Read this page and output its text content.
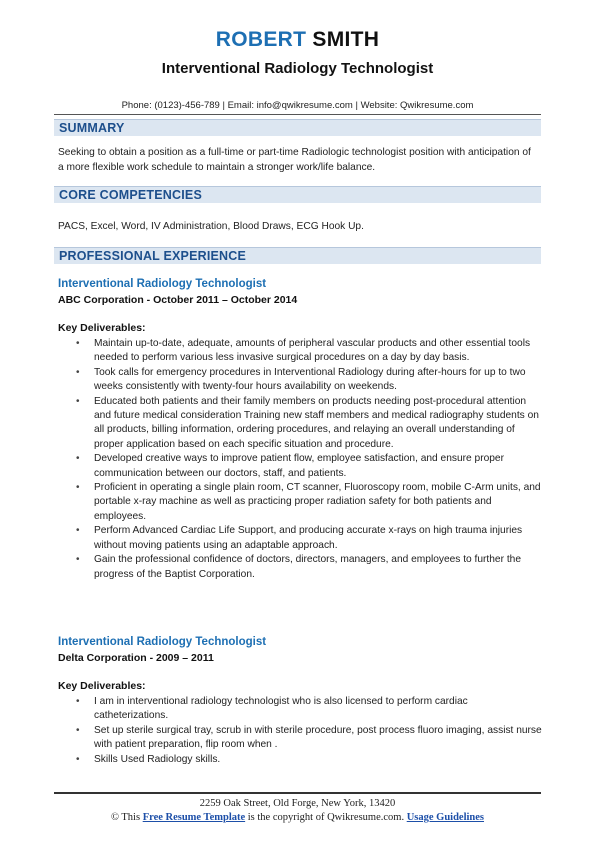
ROBERT SMITH
Interventional Radiology Technologist
Phone: (0123)-456-789 | Email: info@qwikresume.com | Website: Qwikresume.com
SUMMARY
Seeking to obtain a position as a full-time or part-time Radiologic technologist position with anticipation of a more flexible work schedule to maintain a stronger work/life balance.
CORE COMPETENCIES
PACS, Excel, Word, IV Administration, Blood Draws, ECG Hook Up.
PROFESSIONAL EXPERIENCE
Interventional Radiology Technologist
ABC Corporation - October 2011 – October 2014
Key Deliverables:
• Maintain up-to-date, adequate, amounts of peripheral vascular products and other essential tools needed to perform various less invasive surgical procedures on a day by day basis.
• Took calls for emergency procedures in Interventional Radiology during after-hours for up to two weeks consistently with twenty-four hours availability on weekends.
• Educated both patients and their family members on products needing post-procedural attention and future medical consideration Training new staff members and medical radiography students on all products, billing information, ordering procedures, and relaying an overall understanding of proper application based on each specific situation and procedure.
• Developed creative ways to improve patient flow, employee satisfaction, and ensure proper communication between our doctors, staff, and patients.
• Proficient in operating a single plain room, CT scanner, Fluoroscopy room, mobile C-Arm units, and portable x-ray machine as well as practicing proper radiation safety for both patients and employees.
• Perform Advanced Cardiac Life Support, and producing accurate x-rays on high trauma injuries without moving patients using an adaptable approach.
• Gain the professional confidence of doctors, directors, managers, and employees to further the progress of the Baptist Corporation.
Interventional Radiology Technologist
Delta Corporation - 2009 – 2011
Key Deliverables:
• I am in interventional radiology technologist who is also licensed to perform cardiac catheterizations.
• Set up sterile surgical tray, scrub in with sterile procedure, post process fluoro imaging, assist nurse with patient preparation, flip room when .
• Skills Used Radiology skills.
2259 Oak Street, Old Forge, New York, 13420
© This Free Resume Template is the copyright of Qwikresume.com. Usage Guidelines
